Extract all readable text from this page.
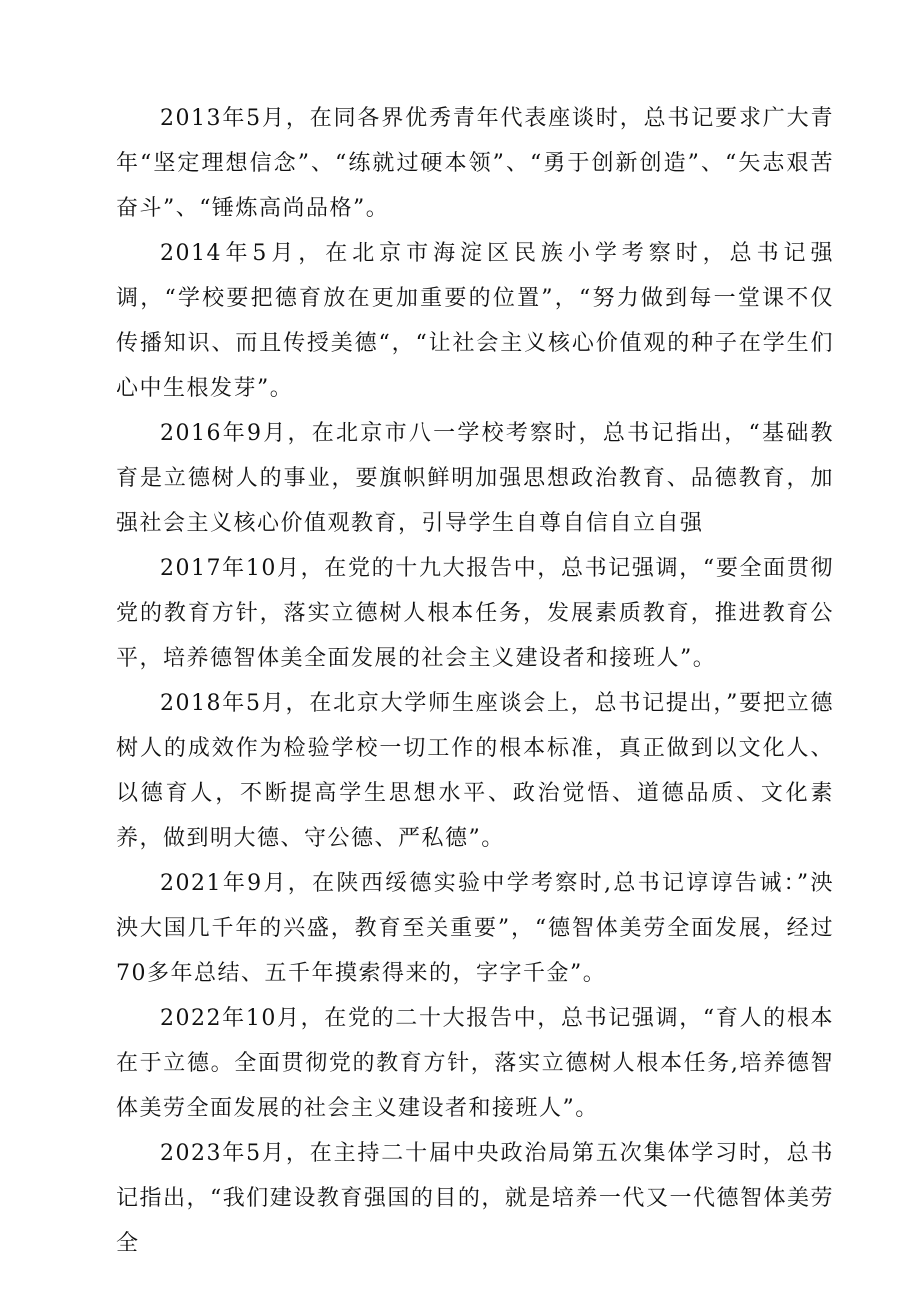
2013年5月，在同各界优秀青年代表座谈时，总书记要求广大青年“坚定理想信念”、“练就过硬本领”、“勇于创新创造”、“矢志艰苦奋斗”、“锤炼高尚品格”。

2014年5月，在北京市海淀区民族小学考察时，总书记强调，“学校要把德育放在更加重要的位置”，“努力做到每一堂课不仅传播知识、而且传授美德“，“让社会主义核心价值观的种子在学生们心中生根发芽”。

2016年9月，在北京市八一学校考察时，总书记指出，“基础教育是立德树人的事业，要旗帜鲜明加强思想政治教育、品德教育，加强社会主义核心价值观教育，引导学生自尊自信自立自强

2017年10月，在党的十九大报告中，总书记强调，“要全面贯彻党的教育方针，落实立德树人根本任务，发展素质教育，推进教育公平，培养德智体美全面发展的社会主义建设者和接班人”。

2018年5月，在北京大学师生座谈会上，总书记提出，”要把立德树人的成效作为检验学校一切工作的根本标准，真正做到以文化人、以德育人，不断提高学生思想水平、政治觉悟、道德品质、文化素养，做到明大德、守公德、严私德”。

2021年9月，在陕西绥德实验中学考察时,总书记谆谆告诫：”泱泱大国几千年的兴盛，教育至关重要”，“德智体美劳全面发展，经过70多年总结、五千年摸索得来的，字字千金”。

2022年10月，在党的二十大报告中，总书记强调，“育人的根本在于立德。全面贯彻党的教育方针，落实立德树人根本任务,培养德智体美劳全面发展的社会主义建设者和接班人”。

2023年5月，在主持二十届中央政治局第五次集体学习时，总书记指出，“我们建设教育强国的目的，就是培养一代又一代德智体美劳全
